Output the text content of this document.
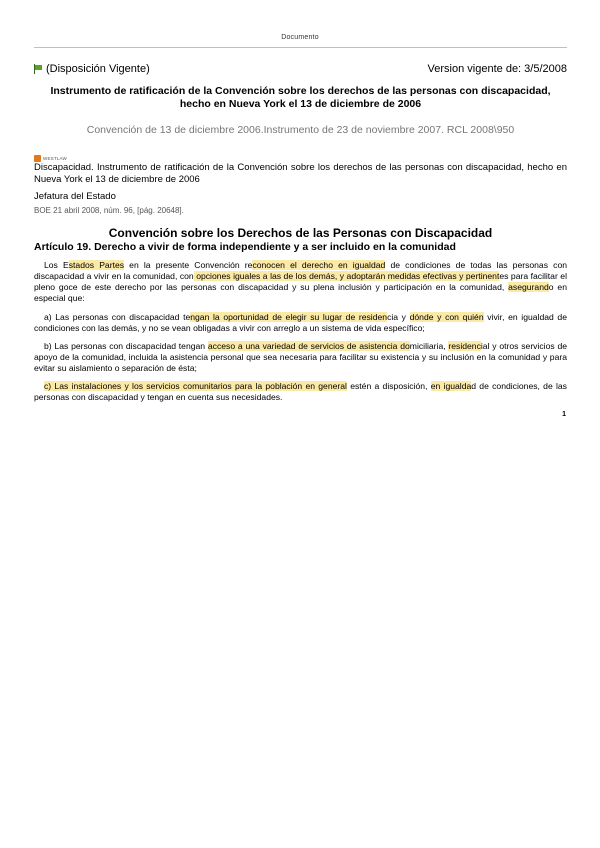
Documento
(Disposición Vigente)	Version vigente de: 3/5/2008
Instrumento de ratificación de la Convención sobre los derechos de las personas con discapacidad,
hecho en Nueva York el 13 de diciembre de 2006
Convención de 13 de diciembre 2006.Instrumento de 23 de noviembre 2007. RCL 2008\950
WESTLAW
Discapacidad. Instrumento de ratificación de la Convención sobre los derechos de las personas con discapacidad, hecho en Nueva York el 13 de diciembre de 2006
Jefatura del Estado
BOE 21 abril 2008, núm. 96, [pág. 20648].
Convención sobre los Derechos de las Personas con Discapacidad
Artículo 19. Derecho a vivir de forma independiente y a ser incluido en la comunidad
Los Estados Partes en la presente Convención reconocen el derecho en igualdad de condiciones de todas las personas con discapacidad a vivir en la comunidad, con opciones iguales a las de los demás, y adoptarán medidas efectivas y pertinentes para facilitar el pleno goce de este derecho por las personas con discapacidad y su plena inclusión y participación en la comunidad, asegurando en especial que:
a) Las personas con discapacidad tengan la oportunidad de elegir su lugar de residencia y dónde y con quién vivir, en igualdad de condiciones con las demás, y no se vean obligadas a vivir con arreglo a un sistema de vida específico;
b) Las personas con discapacidad tengan acceso a una variedad de servicios de asistencia domiciliaria, residencial y otros servicios de apoyo de la comunidad, incluida la asistencia personal que sea necesaria para facilitar su existencia y su inclusión en la comunidad y para evitar su aislamiento o separación de ésta;
c) Las instalaciones y los servicios comunitarios para la población en general estén a disposición, en igualdad de condiciones, de las personas con discapacidad y tengan en cuenta sus necesidades.
1
